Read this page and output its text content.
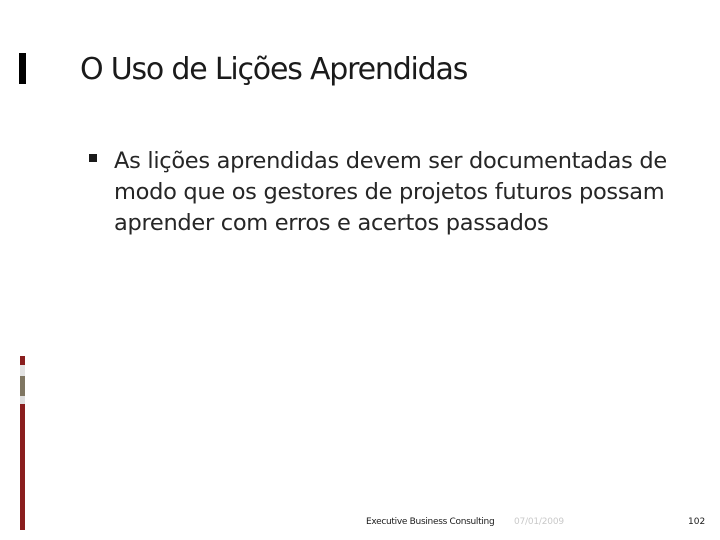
O Uso de Lições Aprendidas
As lições aprendidas devem ser documentadas de modo que os gestores de projetos futuros possam aprender com erros e acertos passados
Executive Business Consulting 07/01/2009	102
